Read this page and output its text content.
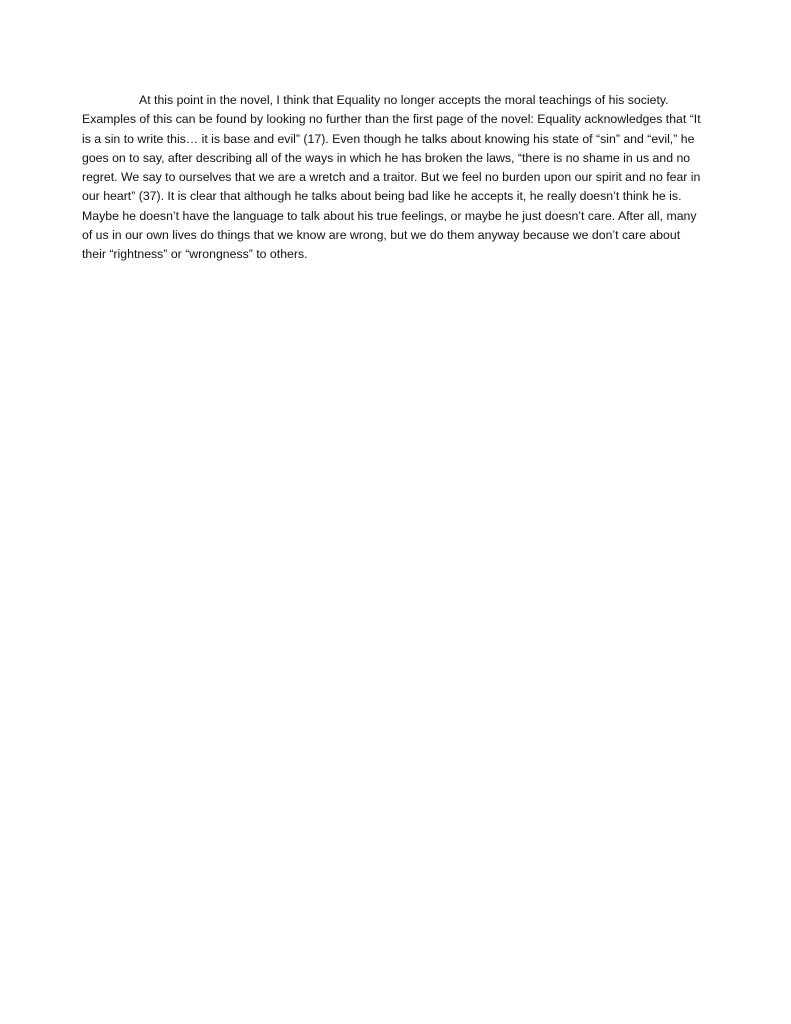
At this point in the novel, I think that Equality no longer accepts the moral teachings of his society. Examples of this can be found by looking no further than the first page of the novel: Equality acknowledges that “It is a sin to write this… it is base and evil” (17). Even though he talks about knowing his state of “sin” and “evil,” he goes on to say, after describing all of the ways in which he has broken the laws, “there is no shame in us and no regret. We say to ourselves that we are a wretch and a traitor. But we feel no burden upon our spirit and no fear in our heart” (37). It is clear that although he talks about being bad like he accepts it, he really doesn’t think he is. Maybe he doesn’t have the language to talk about his true feelings, or maybe he just doesn’t care. After all, many of us in our own lives do things that we know are wrong, but we do them anyway because we don’t care about their “rightness” or “wrongness” to others.
